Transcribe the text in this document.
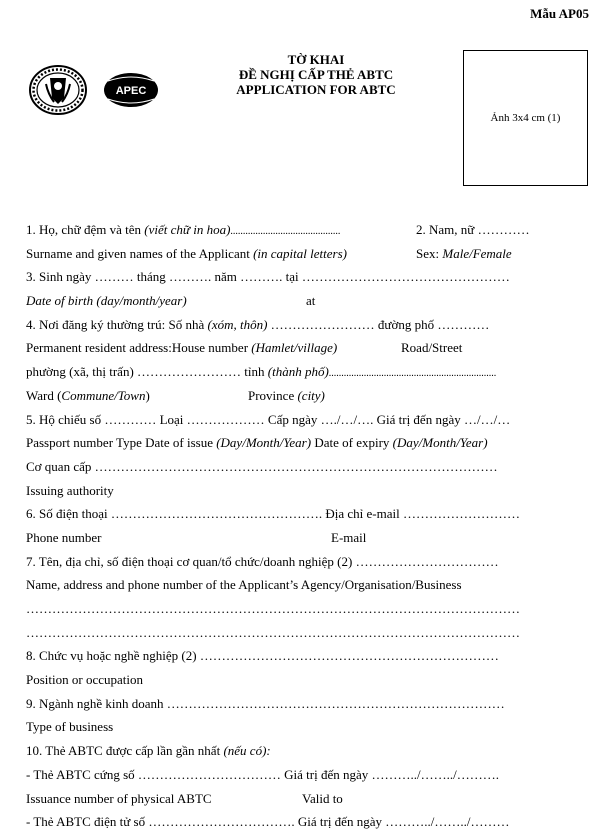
Mẫu AP05
APEC
TỜ KHAI
ĐỀ NGHỊ CẤP THẺ ABTC
APPLICATION FOR ABTC
Ảnh 3x4 cm (1)
1. Họ, chữ đệm và tên (viết chữ in hoa)............................................	2. Nam, nữ …………
Surname and given names of the Applicant (in capital letters)	Sex: Male/Female
3. Sinh ngày ……… tháng ………. năm ………. tại …………………………………………
Date of birth (day/month/year)	at
4. Nơi đăng ký thường trú: Số nhà (xóm, thôn) …………………… đường phố …………
Permanent resident address:House number (Hamlet/village)	Road/Street
phường (xã, thị trấn) …………………… tỉnh (thành phố)...................................................................
Ward (Commune/Town)	Province (city)
5. Hộ chiếu số ………… Loại ……………… Cấp ngày …./…/…. Giá trị đến ngày …/…/…
Passport number Type Date of issue (Day/Month/Year) Date of expiry (Day/Month/Year)
Cơ quan cấp …………………………………………………………………………………
Issuing authority
6. Số điện thoại …………………………………………. Địa chỉ e-mail ………………………
Phone number	E-mail
7. Tên, địa chỉ, số điện thoại cơ quan/tổ chức/doanh nghiệp (2) ……………………………
Name, address and phone number of the Applicant’s Agency/Organisation/Business
……………………………………………………………………………………………………
……………………………………………………………………………………………………
8. Chức vụ hoặc nghề nghiệp (2) ……………………………………………………………
Position or occupation
9. Ngành nghề kinh doanh ……………………………………………………………………
Type of business
10. Thẻ ABTC được cấp lần gần nhất (nếu có):
- Thẻ ABTC cứng số …………………………… Giá trị đến ngày ………../……../……….
Issuance number of physical ABTC	Valid to
- Thẻ ABTC điện tử số ……………………………. Giá trị đến ngày ………../……../………
